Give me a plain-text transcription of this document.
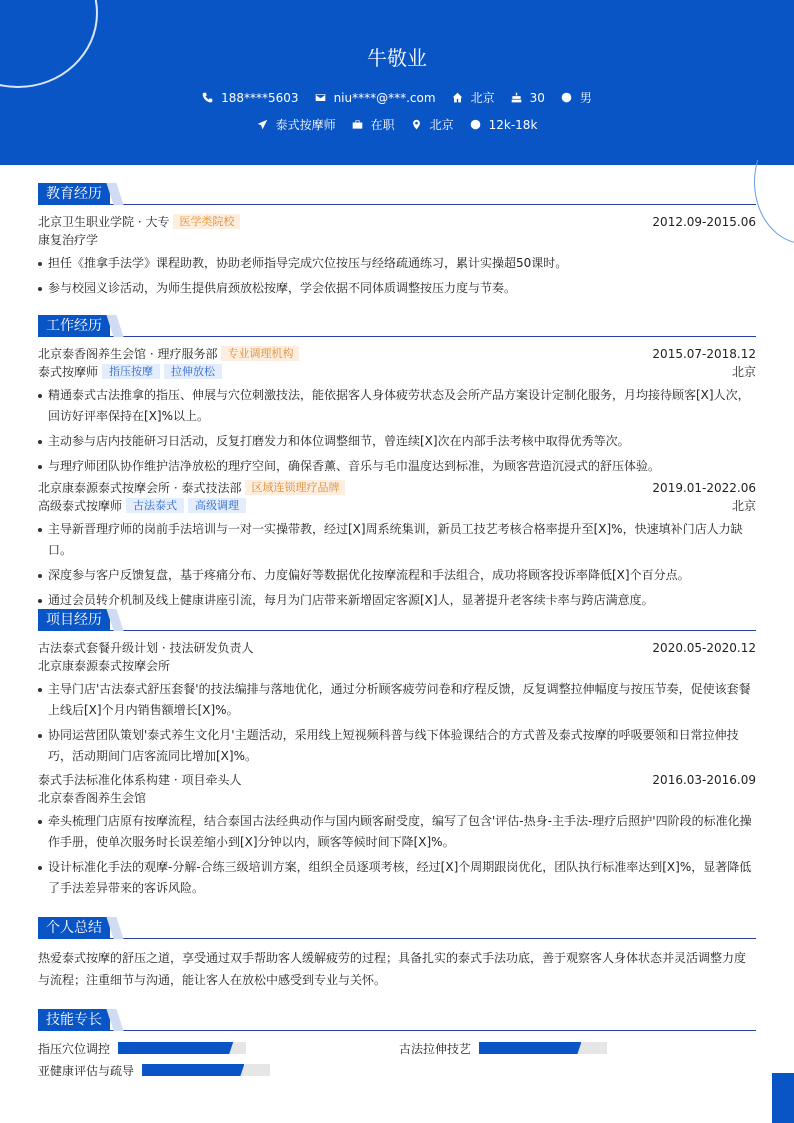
牛敬业
188****5603	niu****@***.com	北京	30	男
泰式按摩师	在职	北京	12k-18k
教育经历
北京卫生职业学院 · 大专 医学类院校	2012.09-2015.06
康复治疗学
担任《推拿手法学》课程助教，协助老师指导完成穴位按压与经络疏通练习，累计实操超50课时。
参与校园义诊活动，为师生提供肩颈放松按摩，学会依据不同体质调整按压力度与节奏。
工作经历
北京泰香阁养生会馆 · 理疗服务部 专业调理机构	2015.07-2018.12
泰式按摩师 指压按摩 拉伸放松	北京
精通泰式古法推拿的指压、伸展与穴位刺激技法，能依据客人身体疲劳状态及会所产品方案设计定制化服务，月均接待顾客[X]人次，回访好评率保持在[X]%以上。
主动参与店内技能研习日活动，反复打磨发力和体位调整细节，曾连续[X]次在内部手法考核中取得优秀等次。
与理疗师团队协作维护洁净放松的理疗空间，确保香薰、音乐与毛巾温度达到标准，为顾客营造沉浸式的舒压体验。
北京康泰源泰式按摩会所 · 泰式技法部 区域连锁理疗品牌	2019.01-2022.06
高级泰式按摩师 古法泰式 高级调理	北京
主导新晋理疗师的岗前手法培训与一对一实操带教，经过[X]周系统集训，新员工技艺考核合格率提升至[X]%，快速填补门店人力缺口。
深度参与客户反馈复盘，基于疼痛分布、力度偏好等数据优化按摩流程和手法组合，成功将顾客投诉率降低[X]个百分点。
通过会员转介机制及线上健康讲座引流，每月为门店带来新增固定客源[X]人，显著提升老客续卡率与跨店满意度。
项目经历
古法泰式套餐升级计划 · 技法研发负责人	2020.05-2020.12
北京康泰源泰式按摩会所
主导门店'古法泰式舒压套餐'的技法编排与落地优化，通过分析顾客疲劳问卷和疗程反馈，反复调整拉伸幅度与按压节奏，促使该套餐上线后[X]个月内销售额增长[X]%。
协同运营团队策划'泰式养生文化月'主题活动，采用线上短视频科普与线下体验课结合的方式普及泰式按摩的呼吸要领和日常拉伸技巧，活动期间门店客流同比增加[X]%。
泰式手法标准化体系构建 · 项目牵头人	2016.03-2016.09
北京泰香阁养生会馆
牵头梳理门店原有按摩流程，结合泰国古法经典动作与国内顾客耐受度，编写了包含'评估-热身-主手法-理疗后照护'四阶段的标准化操作手册，使单次服务时长误差缩小到[X]分钟以内，顾客等候时间下降[X]%。
设计标准化手法的观摩-分解-合练三级培训方案，组织全员逐项考核，经过[X]个周期跟岗优化，团队执行标准率达到[X]%，显著降低了手法差异带来的客诉风险。
个人总结
热爱泰式按摩的舒压之道，享受通过双手帮助客人缓解疲劳的过程；具备扎实的泰式手法功底，善于观察客人身体状态并灵活调整力度与流程；注重细节与沟通，能让客人在放松中感受到专业与关怀。
技能专长
指压穴位调控	古法拉伸技艺
亚健康评估与疏导
